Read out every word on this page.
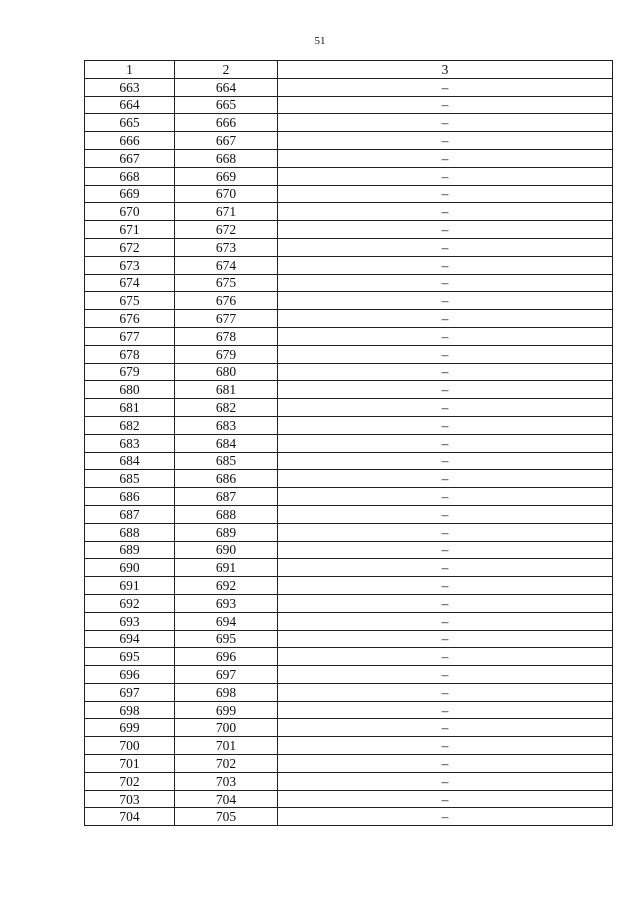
51
1	2	3
663	664	–
664	665	–
665	666	–
666	667	–
667	668	–
668	669	–
669	670	–
670	671	–
671	672	–
672	673	–
673	674	–
674	675	–
675	676	–
676	677	–
677	678	–
678	679	–
679	680	–
680	681	–
681	682	–
682	683	–
683	684	–
684	685	–
685	686	–
686	687	–
687	688	–
688	689	–
689	690	–
690	691	–
691	692	–
692	693	–
693	694	–
694	695	–
695	696	–
696	697	–
697	698	–
698	699	–
699	700	–
700	701	–
701	702	–
702	703	–
703	704	–
704	705	–
